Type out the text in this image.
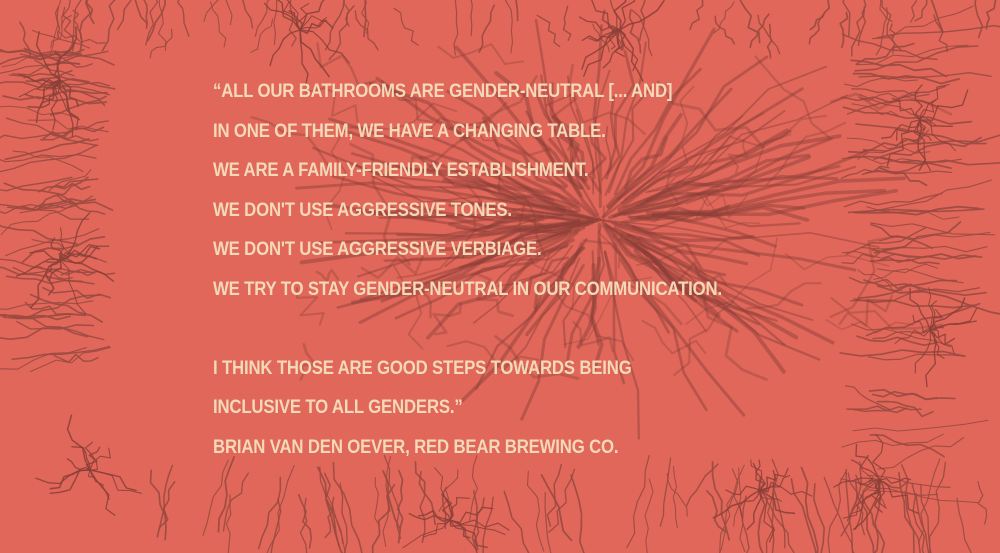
“ALL OUR BATHROOMS ARE GENDER-NEUTRAL [... AND]
IN ONE OF THEM, WE HAVE A CHANGING TABLE.
WE ARE A FAMILY-FRIENDLY ESTABLISHMENT.
WE DON'T USE AGGRESSIVE TONES.
WE DON'T USE AGGRESSIVE VERBIAGE.
WE TRY TO STAY GENDER-NEUTRAL IN OUR COMMUNICATION.
I THINK THOSE ARE GOOD STEPS TOWARDS BEING
INCLUSIVE TO ALL GENDERS.”
BRIAN VAN DEN OEVER, RED BEAR BREWING CO.
